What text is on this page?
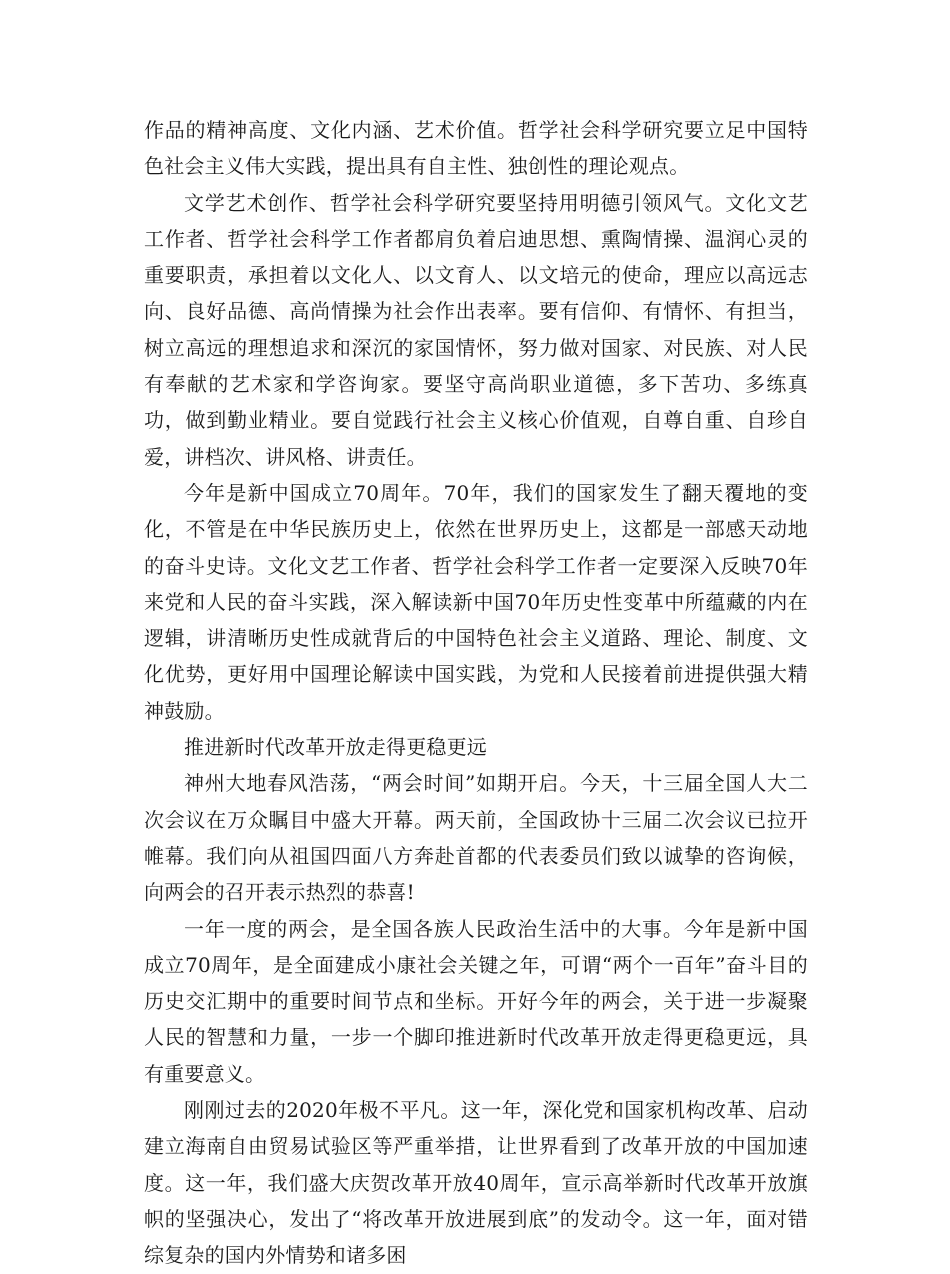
作品的精神高度、文化内涵、艺术价值。哲学社会科学研究要立足中国特色社会主义伟大实践，提出具有自主性、独创性的理论观点。

文学艺术创作、哲学社会科学研究要坚持用明德引领风气。文化文艺工作者、哲学社会科学工作者都肩负着启迪思想、熏陶情操、温润心灵的重要职责，承担着以文化人、以文育人、以文培元的使命，理应以高远志向、良好品德、高尚情操为社会作出表率。要有信仰、有情怀、有担当，树立高远的理想追求和深沉的家国情怀，努力做对国家、对民族、对人民有奉献的艺术家和学咨询家。要坚守高尚职业道德，多下苦功、多练真功，做到勤业精业。要自觉践行社会主义核心价值观，自尊自重、自珍自爱，讲档次、讲风格、讲责任。

今年是新中国成立70周年。70年，我们的国家发生了翻天覆地的变化，不管是在中华民族历史上，依然在世界历史上，这都是一部感天动地的奋斗史诗。文化文艺工作者、哲学社会科学工作者一定要深入反映70年来党和人民的奋斗实践，深入解读新中国70年历史性变革中所蕴藏的内在逻辑，讲清晰历史性成就背后的中国特色社会主义道路、理论、制度、文化优势，更好用中国理论解读中国实践，为党和人民接着前进提供强大精神鼓励。

推进新时代改革开放走得更稳更远

神州大地春风浩荡，“两会时间”如期开启。今天，十三届全国人大二次会议在万众瞩目中盛大开幕。两天前，全国政协十三届二次会议已拉开帷幕。我们向从祖国四面八方奔赴首都的代表委员们致以诚挚的咨询候，向两会的召开表示热烈的恭喜!

一年一度的两会，是全国各族人民政治生活中的大事。今年是新中国成立70周年，是全面建成小康社会关键之年，可谓“两个一百年”奋斗目的历史交汇期中的重要时间节点和坐标。开好今年的两会，关于进一步凝聚人民的智慧和力量，一步一个脚印推进新时代改革开放走得更稳更远，具有重要意义。

刚刚过去的2020年极不平凡。这一年，深化党和国家机构改革、启动建立海南自由贸易试验区等严重举措，让世界看到了改革开放的中国加速度。这一年，我们盛大庆贺改革开放40周年，宣示高举新时代改革开放旗帜的坚强决心，发出了“将改革开放进展到底”的发动令。这一年，面对错综复杂的国内外情势和诸多困
